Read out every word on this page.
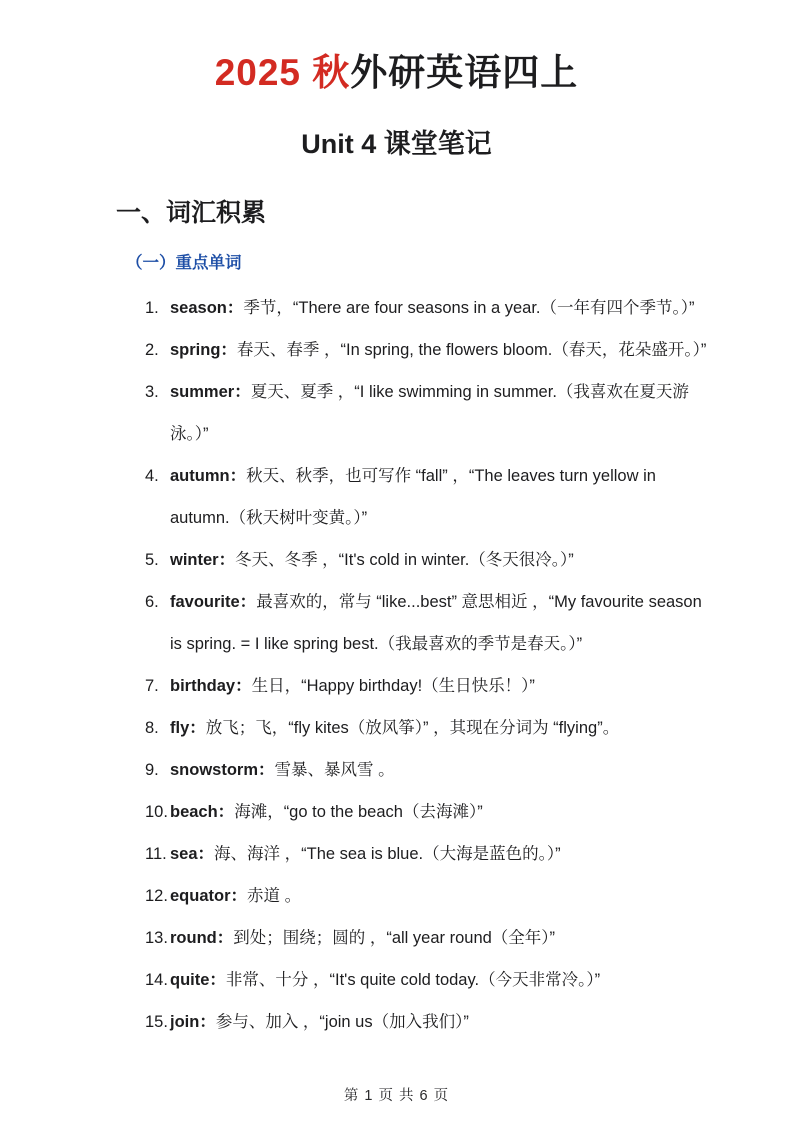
2025 秋外研英语四上
Unit 4 课堂笔记
一、词汇积累
（一）重点单词
1. season：季节，“There are four seasons in a year.（一年有四个季节。）”
2. spring：春天、春季 ，“In spring, the flowers bloom.（春天，花朵盛开。）”
3. summer：夏天、夏季 ，“I like swimming in summer.（我喜欢在夏天游泳。）”
4. autumn：秋天、秋季，也可写作 “fall” ，“The leaves turn yellow in autumn.（秋天树叶变黄。）”
5. winter：冬天、冬季 ，“It's cold in winter.（冬天很冷。）”
6. favourite：最喜欢的，常与 “like...best” 意思相近 ，“My favourite season is spring. = I like spring best.（我最喜欢的季节是春天。）”
7. birthday：生日，“Happy birthday!（生日快乐！）”
8. fly：放飞；飞，“fly kites（放风筝）” ，其现在分词为 “flying”。
9. snowstorm：雪暴、暴风雪 。
10. beach：海滩，“go to the beach（去海滩）”
11. sea：海、海洋 ，“The sea is blue.（大海是蓝色的。）”
12. equator：赤道 。
13. round：到处；围绕；圆的 ，“all year round（全年）”
14. quite：非常、十分 ，“It's quite cold today.（今天非常冷。）”
15. join：参与、加入 ，“join us（加入我们）”
第 1 页 共 6 页
